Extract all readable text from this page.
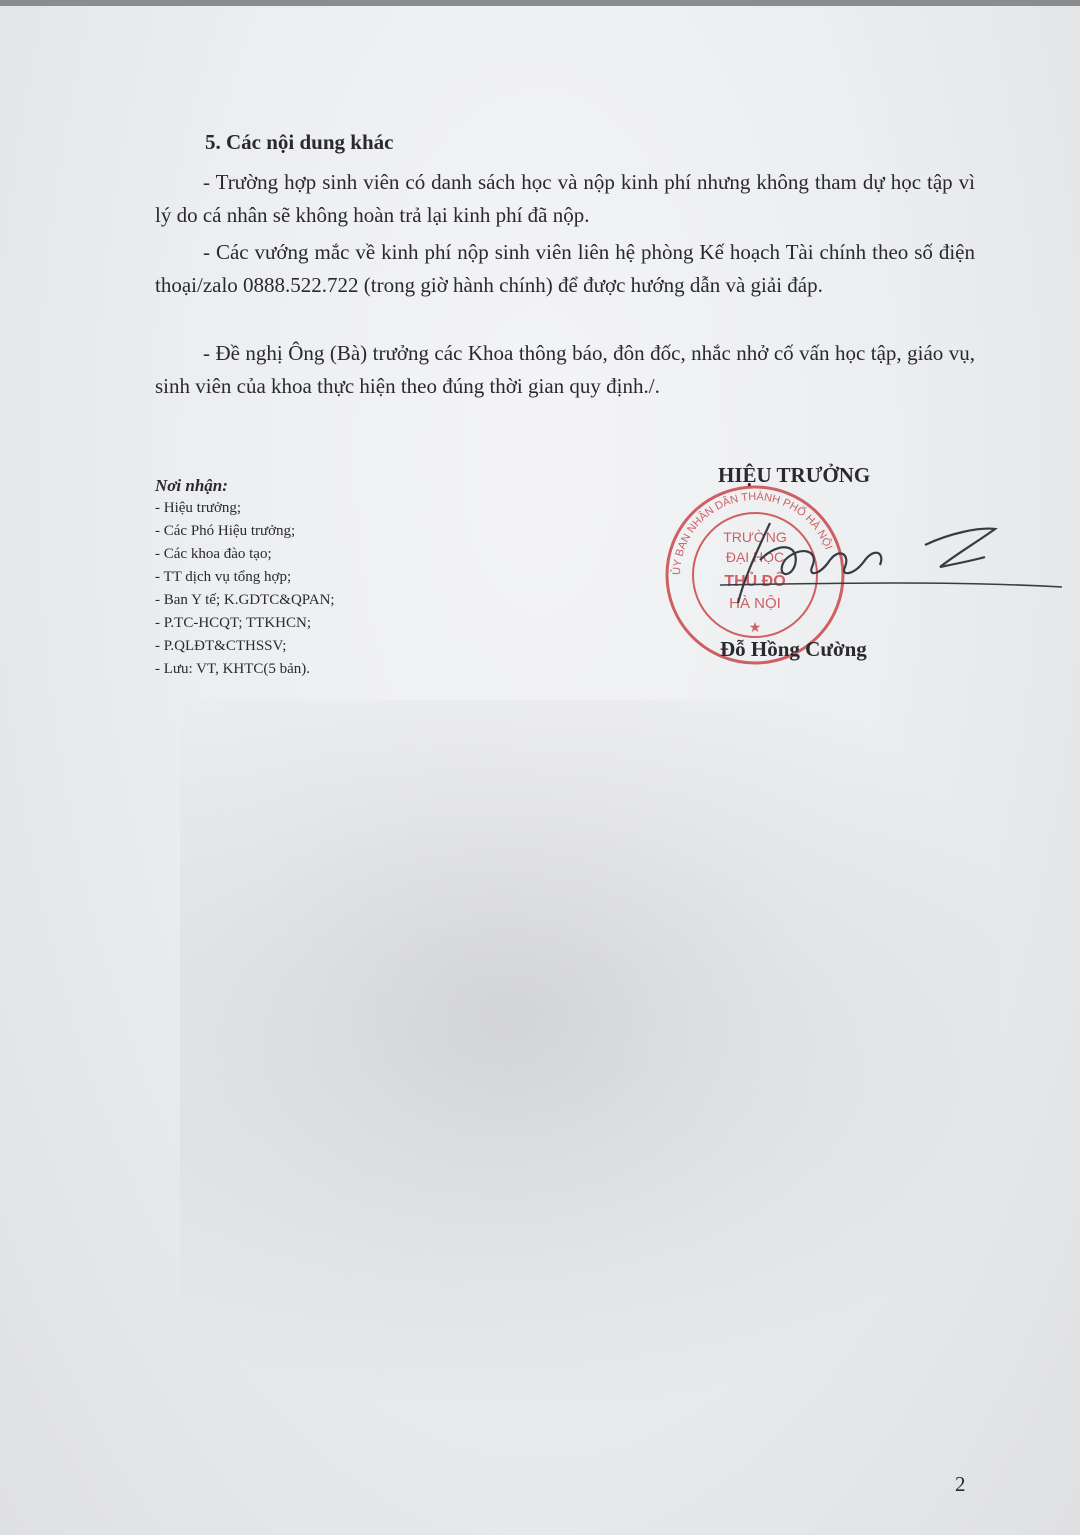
5. Các nội dung khác

- Trường hợp sinh viên có danh sách học và nộp kinh phí nhưng không tham dự học tập vì lý do cá nhân sẽ không hoàn trả lại kinh phí đã nộp.

- Các vướng mắc về kinh phí nộp sinh viên liên hệ phòng Kế hoạch Tài chính theo số điện thoại/zalo 0888.522.722 (trong giờ hành chính) để được hướng dẫn và giải đáp.

- Đề nghị Ông (Bà) trưởng các Khoa thông báo, đôn đốc, nhắc nhở cố vấn học tập, giáo vụ, sinh viên của khoa thực hiện theo đúng thời gian quy định./.

Nơi nhận:
- Hiệu trưởng;
- Các Phó Hiệu trưởng;
- Các khoa đào tạo;
- TT dịch vụ tổng hợp;
- Ban Y tế; K.GDTC&QPAN;
- P.TC-HCQT; TTKHCN;
- P.QLĐT&CTHSSV;
- Lưu: VT, KHTC(5 bản).
ỦY BAN NHÂN DÂN THÀNH PHỐ HÀ NỘI
TRƯỜNG
ĐẠI HỌC
THỦ ĐÔ
HÀ NỘI
★
HIỆU TRƯỞNG
Đỗ Hồng Cường
2
